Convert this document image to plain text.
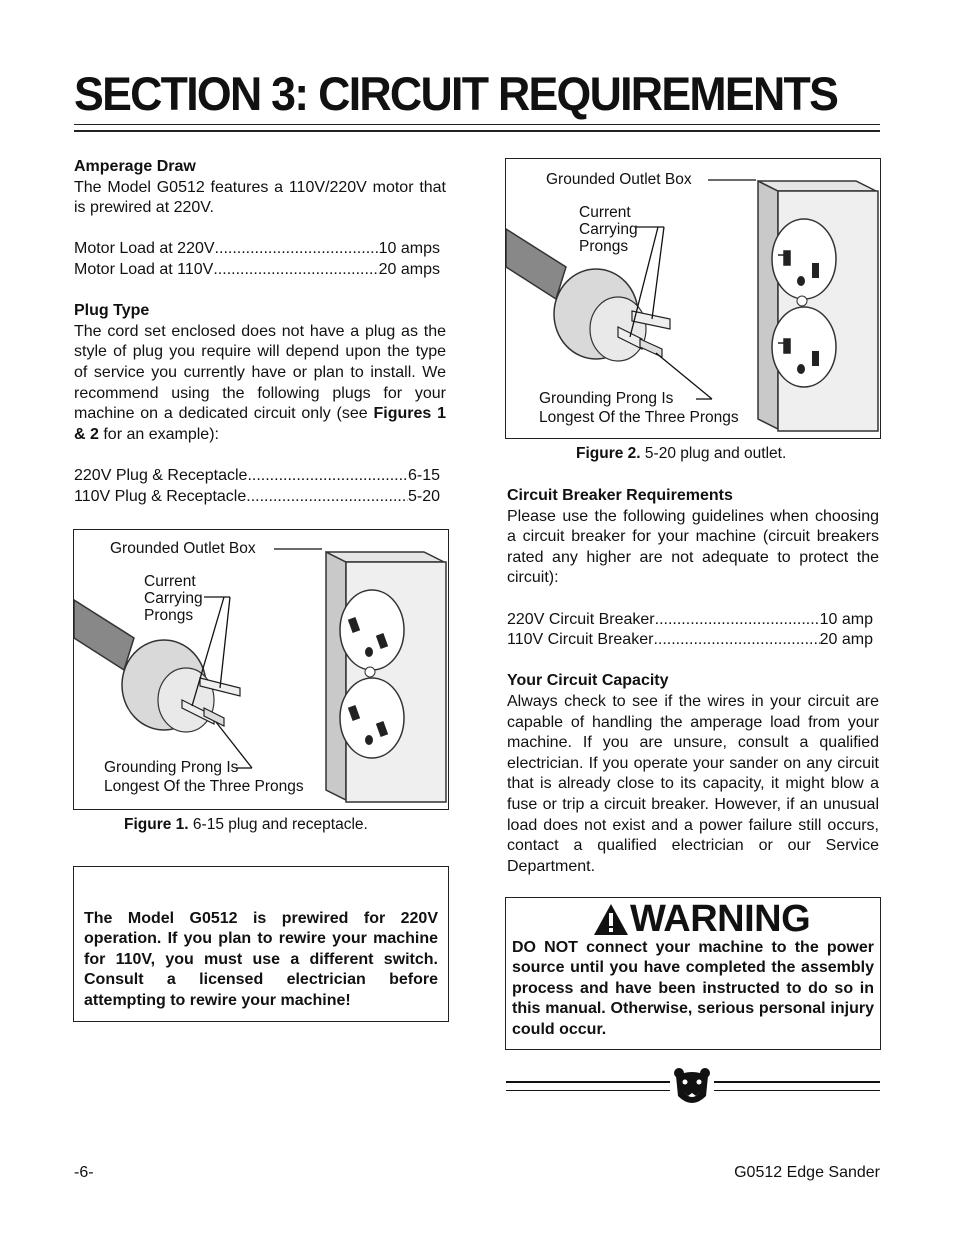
SECTION 3: CIRCUIT REQUIREMENTS
Amperage Draw
The Model G0512 features a 110V/220V motor that is prewired at 220V.
Motor Load at 220V .....	10 amps
Motor Load at 110V .....	20 amps
Plug Type
The cord set enclosed does not have a plug as the style of plug you require will depend upon the type of service you currently have or plan to install. We recommend using the following plugs for your machine on a dedicated circuit only (see Figures 1 & 2 for an example):
220V Plug & Receptacle .....	6-15
110V Plug & Receptacle .....	5-20
Grounded Outlet Box
Current
Carrying
Prongs
Grounding Prong Is
Longest Of the Three Prongs
Figure 1. 6-15 plug and receptacle.
The Model G0512 is prewired for 220V operation. If you plan to rewire your machine for 110V, you must use a different switch. Consult a licensed electrician before attempting to rewire your machine!
Grounded Outlet Box
Current
Carrying
Prongs
Grounding Prong Is
Longest Of the Three Prongs
Figure 2. 5-20 plug and outlet.
Circuit Breaker Requirements
Please use the following guidelines when choosing a circuit breaker for your machine (circuit breakers rated any higher are not adequate to protect the circuit):
220V Circuit Breaker .....	10 amp
110V Circuit Breaker .....	20 amp
Your Circuit Capacity
Always check to see if the wires in your circuit are capable of handling the amperage load from your machine. If you are unsure, consult a qualified electrician. If you operate your sander on any circuit that is already close to its capacity, it might blow a fuse or trip a circuit breaker. However, if an unusual load does not exist and a power failure still occurs, contact a qualified electrician or our Service Department.
WARNING
DO NOT connect your machine to the power source until you have completed the assembly process and have been instructed to do so in this manual. Otherwise, serious personal injury could occur.
-6-	G0512 Edge Sander
